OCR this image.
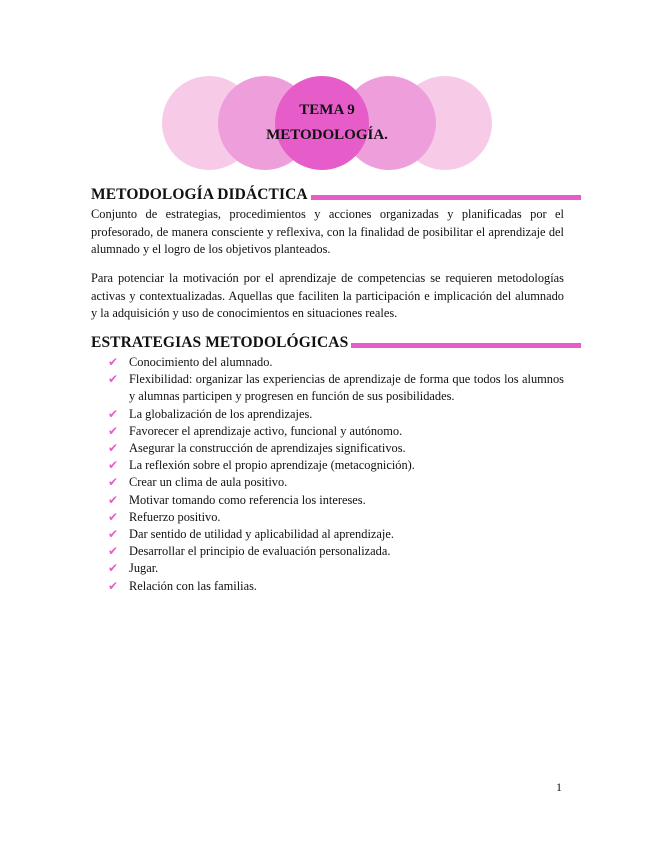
TEMA 9
METODOLOGÍA.
METODOLOGÍA DIDÁCTICA

Conjunto de estrategias, procedimientos y acciones organizadas y planificadas por el profesorado, de manera consciente y reflexiva, con la finalidad de posibilitar el aprendizaje del alumnado y el logro de los objetivos planteados.

Para potenciar la motivación por el aprendizaje de competencias se requieren metodologías activas y contextualizadas. Aquellas que faciliten la participación e implicación del alumnado y la adquisición y uso de conocimientos en situaciones reales.

ESTRATEGIAS METODOLÓGICAS
✔ Conocimiento del alumnado.
✔ Flexibilidad: organizar las experiencias de aprendizaje de forma que todos los alumnos y alumnas participen y progresen en función de sus posibilidades.
✔ La globalización de los aprendizajes.
✔ Favorecer el aprendizaje activo, funcional y autónomo.
✔ Asegurar la construcción de aprendizajes significativos.
✔ La reflexión sobre el propio aprendizaje (metacognición).
✔ Crear un clima de aula positivo.
✔ Motivar tomando como referencia los intereses.
✔ Refuerzo positivo.
✔ Dar sentido de utilidad y aplicabilidad al aprendizaje.
✔ Desarrollar el principio de evaluación personalizada.
✔ Jugar.
✔ Relación con las familias.
1
